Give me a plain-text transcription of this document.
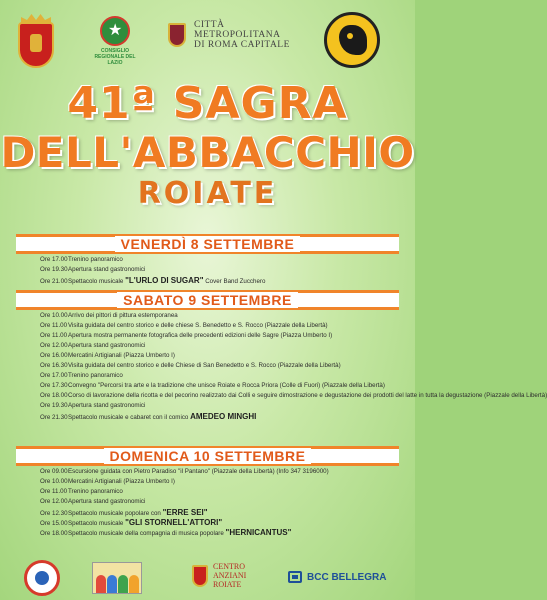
★
CONSIGLIO REGIONALE DEL LAZIO
CITTÀ
METROPOLITANA
DI ROMA CAPITALE
41ª SAGRA
DELL'ABBACCHIO
ROIATE
VENERDÌ 8 SETTEMBRE
Ore 17.00 Trenino panoramico
Ore 19.30 Apertura stand gastronomici
Ore 21.00 Spettacolo musicale "L'URLO DI SUGAR" Cover Band Zucchero
SABATO 9 SETTEMBRE
Ore 10.00 Arrivo dei pittori di pittura estemporanea
Ore 11.00 Visita guidata del centro storico e delle chiese S. Benedetto e S. Rocco (Piazzale della Libertà)
Ore 11.00 Apertura mostra permanente fotografica delle precedenti edizioni delle Sagre (Piazza Umberto I)
Ore 12.00 Apertura stand gastronomici
Ore 16.00 Mercatini Artigianali (Piazza Umberto I)
Ore 16.30 Visita guidata del centro storico e delle Chiese di San Benedetto e S. Rocco (Piazzale della Libertà)
Ore 17.00 Trenino panoramico
Ore 17.30 Convegno "Percorsi tra arte e la tradizione che unisce Roiate e Rocca Priora (Colle di Fuori) (Piazzale della Libertà)
Ore 18.00 Corso di lavorazione della ricotta e del pecorino realizzato dai Colli e seguire dimostrazione e degustazione dei prodotti del latte in tutta la degustazione (Piazzale della Libertà)
Ore 19.30 Apertura stand gastronomici
Ore 21.30 Spettacolo musicale e cabaret con il comico AMEDEO MINGHI
DOMENICA 10 SETTEMBRE
Ore 09.00 Escursione guidata con Pietro Paradiso "il Pantano" (Piazzale della Libertà) (Info 347 3196000)
Ore 10.00 Mercatini Artigianali (Piazza Umberto I)
Ore 11.00 Trenino panoramico
Ore 12.00 Apertura stand gastronomici
Ore 12.30 Spettacolo musicale popolare con "ERRE SEI"
Ore 15.00 Spettacolo musicale "GLI STORNELL'ATTORI"
Ore 18.00 Spettacolo musicale della compagnia di musica popolare "HERNICANTUS"
CENTRO
ANZIANI
ROIATE
BCC BELLEGRA
